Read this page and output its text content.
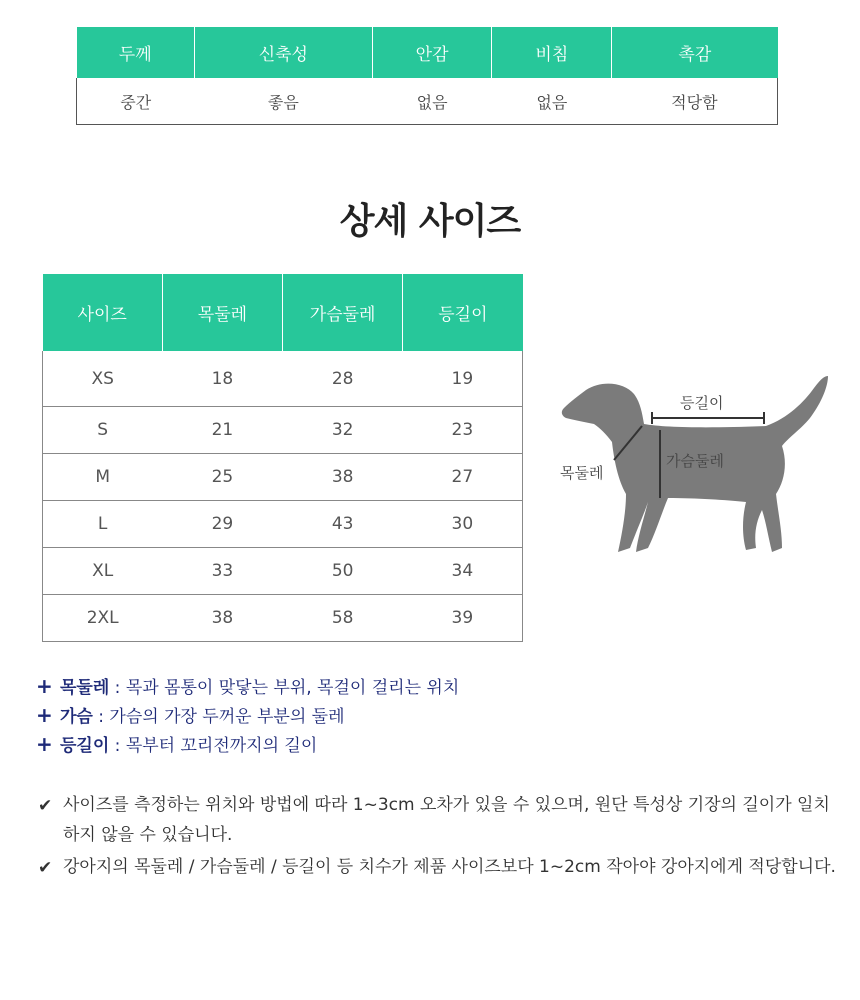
두께	신축성	안감	비침	촉감
중간	좋음	없음	없음	적당함
상세 사이즈
사이즈	목둘레	가슴둘레	등길이
XS	18	28	19
S	21	32	23
M	25	38	27
L	29	43	30
XL	33	50	34
2XL	38	58	39
등길이
가슴둘레
목둘레
+ 목둘레 : 목과 몸통이 맞닿는 부위, 목걸이 걸리는 위치
+ 가슴 : 가슴의 가장 두꺼운 부분의 둘레
+ 등길이 : 목부터 꼬리전까지의 길이
✔ 사이즈를 측정하는 위치와 방법에 따라 1~3cm 오차가 있을 수 있으며, 원단 특성상 기장의 길이가 일치하지 않을 수 있습니다.
✔ 강아지의 목둘레 / 가슴둘레 / 등길이 등 치수가 제품 사이즈보다 1~2cm 작아야 강아지에게 적당합니다.
